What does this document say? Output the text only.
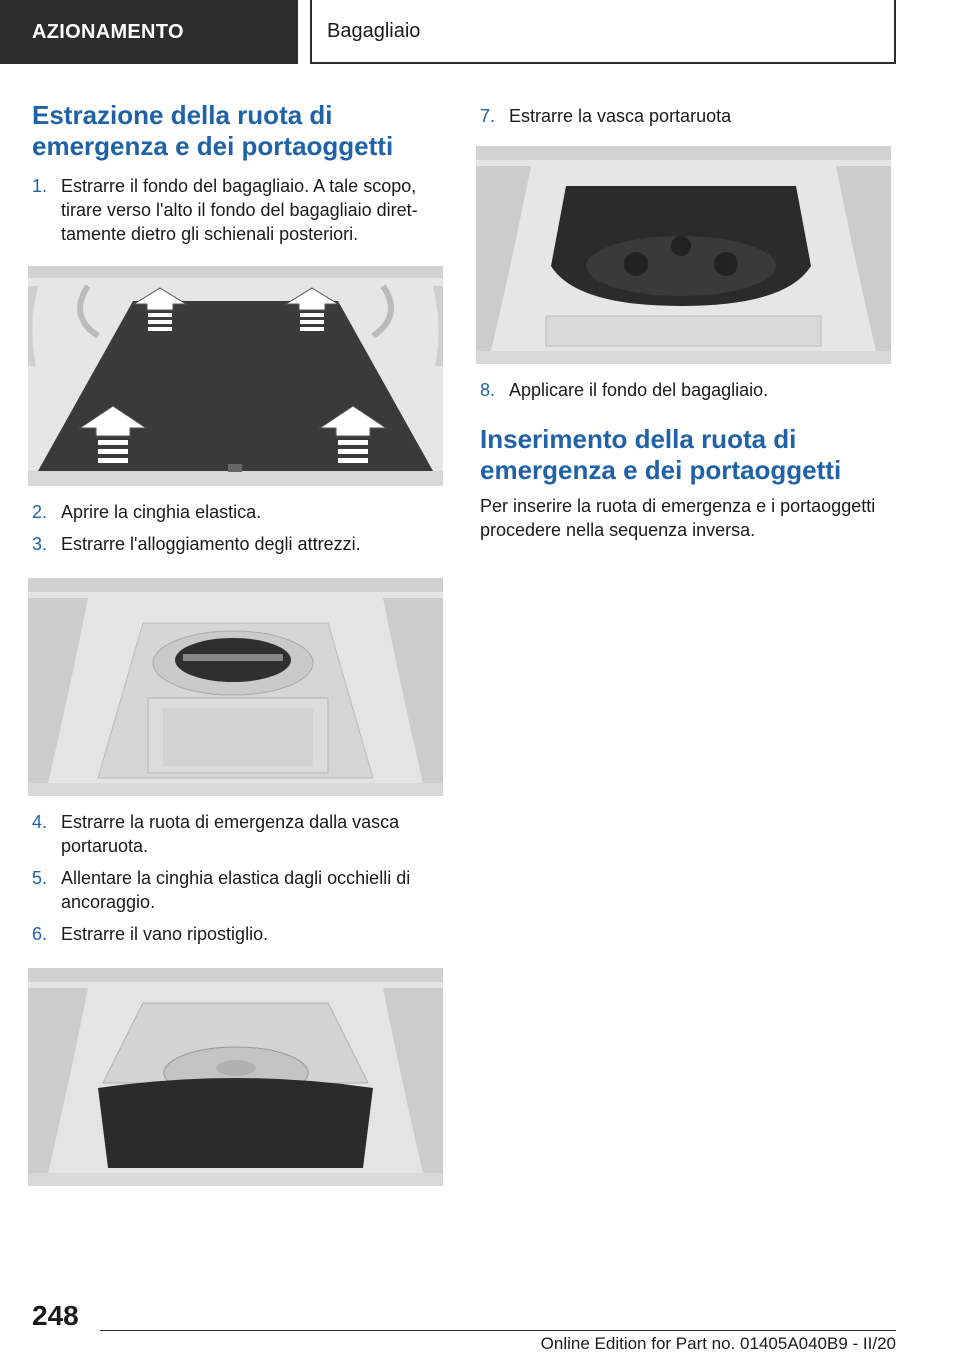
AZIONAMENTO	Bagagliaio
Estrazione della ruota di emergenza e dei portaoggetti
1. Estrarre il fondo del bagagliaio. A tale scopo, tirare verso l'alto il fondo del bagagliaio direttamente dietro gli schienali posteriori.
2. Aprire la cinghia elastica.
3. Estrarre l'alloggiamento degli attrezzi.
4. Estrarre la ruota di emergenza dalla vasca portaruota.
5. Allentare la cinghia elastica dagli occhielli di ancoraggio.
6. Estrarre il vano ripostiglio.
7. Estrarre la vasca portaruota
8. Applicare il fondo del bagagliaio.
Inserimento della ruota di emergenza e dei portaoggetti

Per inserire la ruota di emergenza e i portaoggetti procedere nella sequenza inversa.

248
Online Edition for Part no. 01405A040B9 - II/20
